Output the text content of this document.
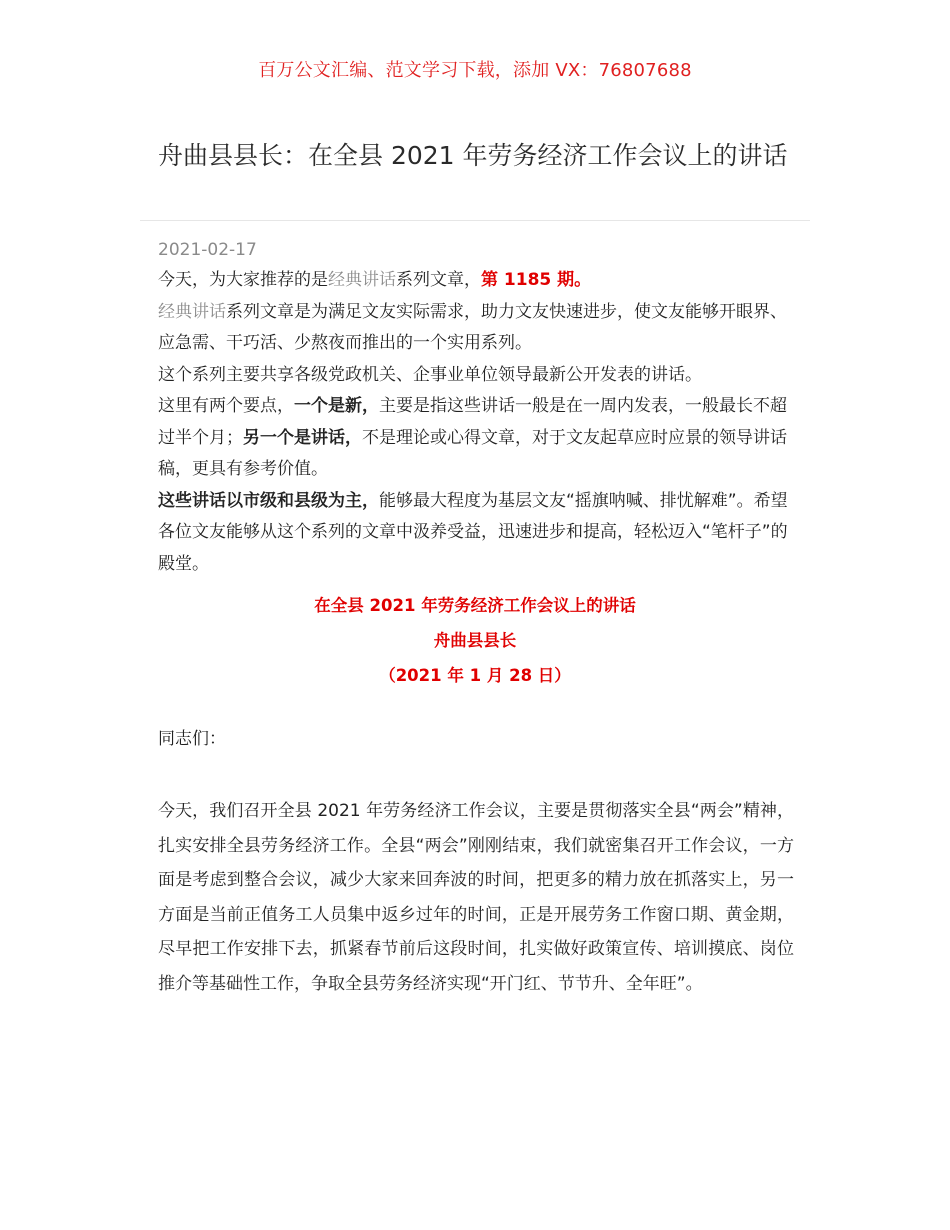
百万公文汇编、范文学习下载，添加 VX：76807688
舟曲县县长：在全县 2021 年劳务经济工作会议上的讲话
2021-02-17

今天，为大家推荐的是经典讲话系列文章，第 1185 期。

经典讲话系列文章是为满足文友实际需求，助力文友快速进步，使文友能够开眼界、应急需、干巧活、少熬夜而推出的一个实用系列。

这个系列主要共享各级党政机关、企事业单位领导最新公开发表的讲话。

这里有两个要点，一个是新，主要是指这些讲话一般是在一周内发表，一般最长不超过半个月；另一个是讲话，不是理论或心得文章，对于文友起草应时应景的领导讲话稿，更具有参考价值。

这些讲话以市级和县级为主，能够最大程度为基层文友“摇旗呐喊、排忧解难”。希望各位文友能够从这个系列的文章中汲养受益，迅速进步和提高，轻松迈入“笔杆子”的殿堂。

在全县 2021 年劳务经济工作会议上的讲话
舟曲县县长
（2021 年 1 月 28 日）
同志们：

今天，我们召开全县 2021 年劳务经济工作会议，主要是贯彻落实全县“两会”精神，扎实安排全县劳务经济工作。全县“两会”刚刚结束，我们就密集召开工作会议，一方面是考虑到整合会议，减少大家来回奔波的时间，把更多的精力放在抓落实上，另一方面是当前正值务工人员集中返乡过年的时间，正是开展劳务工作窗口期、黄金期，尽早把工作安排下去，抓紧春节前后这段时间，扎实做好政策宣传、培训摸底、岗位推介等基础性工作，争取全县劳务经济实现“开门红、节节升、全年旺”。
